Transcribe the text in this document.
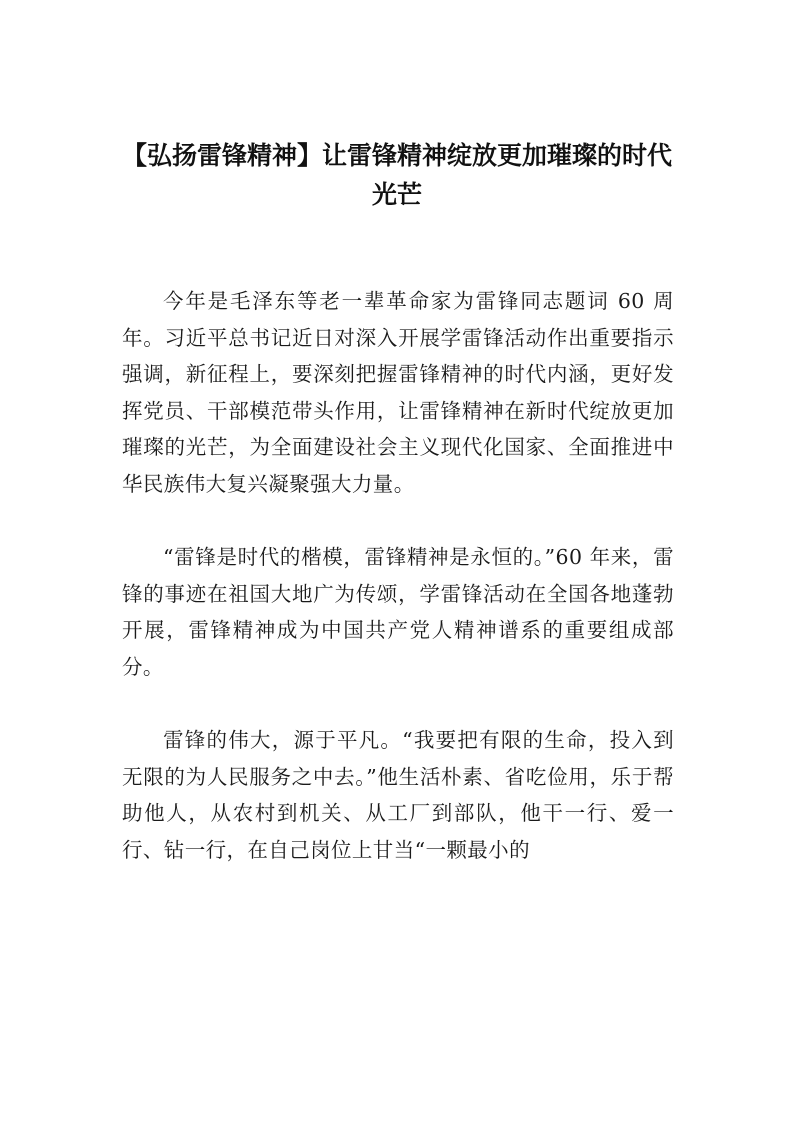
【弘扬雷锋精神】让雷锋精神绽放更加璀璨的时代光芒

今年是毛泽东等老一辈革命家为雷锋同志题词 60 周年。习近平总书记近日对深入开展学雷锋活动作出重要指示强调，新征程上，要深刻把握雷锋精神的时代内涵，更好发挥党员、干部模范带头作用，让雷锋精神在新时代绽放更加璀璨的光芒，为全面建设社会主义现代化国家、全面推进中华民族伟大复兴凝聚强大力量。

“雷锋是时代的楷模，雷锋精神是永恒的。”60 年来，雷锋的事迹在祖国大地广为传颂，学雷锋活动在全国各地蓬勃开展，雷锋精神成为中国共产党人精神谱系的重要组成部分。

雷锋的伟大，源于平凡。“我要把有限的生命，投入到无限的为人民服务之中去。”他生活朴素、省吃俭用，乐于帮助他人，从农村到机关、从工厂到部队，他干一行、爱一行、钻一行，在自己岗位上甘当“一颗最小的
